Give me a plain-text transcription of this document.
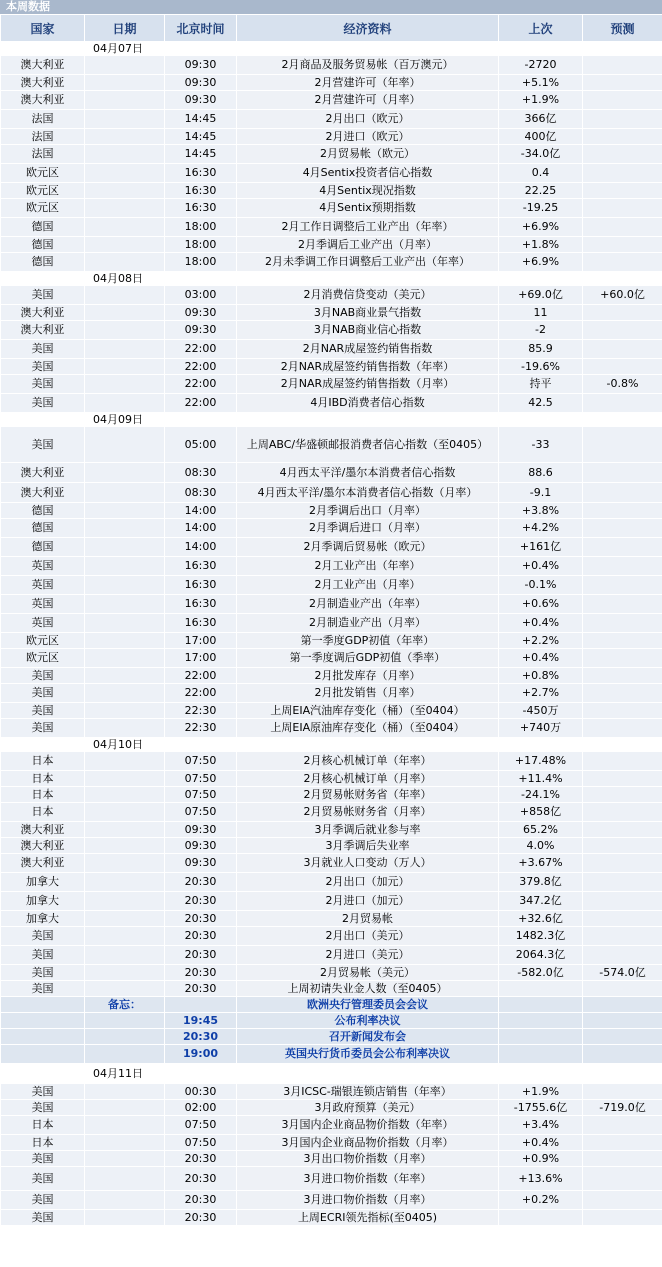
本周数据
国家	日期	北京时间	经济资料	上次	预测
	04月07日				
澳大利亚		09:30	2月商品及服务贸易帐（百万澳元）	-2720	
澳大利亚		09:30	2月营建许可（年率）	+5.1%	
澳大利亚		09:30	2月营建许可（月率）	+1.9%	
法国		14:45	2月出口（欧元）	366亿	
法国		14:45	2月进口（欧元）	400亿	
法国		14:45	2月贸易帐（欧元）	-34.0亿	
欧元区		16:30	4月Sentix投资者信心指数	0.4	
欧元区		16:30	4月Sentix现况指数	22.25	
欧元区		16:30	4月Sentix预期指数	-19.25	
德国		18:00	2月工作日调整后工业产出（年率）	+6.9%	
德国		18:00	2月季调后工业产出（月率）	+1.8%	
德国		18:00	2月未季调工作日调整后工业产出（年率）	+6.9%	
	04月08日				
美国		03:00	2月消费信贷变动（美元）	+69.0亿	+60.0亿
澳大利亚		09:30	3月NAB商业景气指数	11	
澳大利亚		09:30	3月NAB商业信心指数	-2	
美国		22:00	2月NAR成屋签约销售指数	85.9	
美国		22:00	2月NAR成屋签约销售指数（年率）	-19.6%	
美国		22:00	2月NAR成屋签约销售指数（月率）	持平	-0.8%
美国		22:00	4月IBD消费者信心指数	42.5	
	04月09日				
美国		05:00	上周ABC/华盛顿邮报消费者信心指数（至0405）	-33	
澳大利亚		08:30	4月西太平洋/墨尔本消费者信心指数	88.6	
澳大利亚		08:30	4月西太平洋/墨尔本消费者信心指数（月率）	-9.1	
德国		14:00	2月季调后出口（月率）	+3.8%	
德国		14:00	2月季调后进口（月率）	+4.2%	
德国		14:00	2月季调后贸易帐（欧元）	+161亿	
英国		16:30	2月工业产出（年率）	+0.4%	
英国		16:30	2月工业产出（月率）	-0.1%	
英国		16:30	2月制造业产出（年率）	+0.6%	
英国		16:30	2月制造业产出（月率）	+0.4%	
欧元区		17:00	第一季度GDP初值（年率）	+2.2%	
欧元区		17:00	第一季度调后GDP初值（季率）	+0.4%	
美国		22:00	2月批发库存（月率）	+0.8%	
美国		22:00	2月批发销售（月率）	+2.7%	
美国		22:30	上周EIA汽油库存变化（桶）（至0404）	-450万	
美国		22:30	上周EIA原油库存变化（桶）（至0404）	+740万	
	04月10日				
日本		07:50	2月核心机械订单（年率）	+17.48%	
日本		07:50	2月核心机械订单（月率）	+11.4%	
日本		07:50	2月贸易帐财务省（年率）	-24.1%	
日本		07:50	2月贸易帐财务省（月率）	+858亿	
澳大利亚		09:30	3月季调后就业参与率	65.2%	
澳大利亚		09:30	3月季调后失业率	4.0%	
澳大利亚		09:30	3月就业人口变动（万人）	+3.67%	
加拿大		20:30	2月出口（加元）	379.8亿	
加拿大		20:30	2月进口（加元）	347.2亿	
加拿大		20:30	2月贸易帐	+32.6亿	
美国		20:30	2月出口（美元）	1482.3亿	
美国		20:30	2月进口（美元）	2064.3亿	
美国		20:30	2月贸易帐（美元）	-582.0亿	-574.0亿
美国		20:30	上周初请失业金人数（至0405）		
	备忘：		欧洲央行管理委员会会议		
		19:45	公布利率决议		
		20:30	召开新闻发布会		
		19:00	英国央行货币委员会公布利率决议		
	04月11日				
美国		00:30	3月ICSC-瑞银连锁店销售（年率）	+1.9%	
美国		02:00	3月政府预算（美元）	-1755.6亿	-719.0亿
日本		07:50	3月国内企业商品物价指数（年率）	+3.4%	
日本		07:50	3月国内企业商品物价指数（月率）	+0.4%	
美国		20:30	3月出口物价指数（月率）	+0.9%	
美国		20:30	3月进口物价指数（年率）	+13.6%	
美国		20:30	3月进口物价指数（月率）	+0.2%	
美国		20:30	上周ECRI领先指标(至0405)		
